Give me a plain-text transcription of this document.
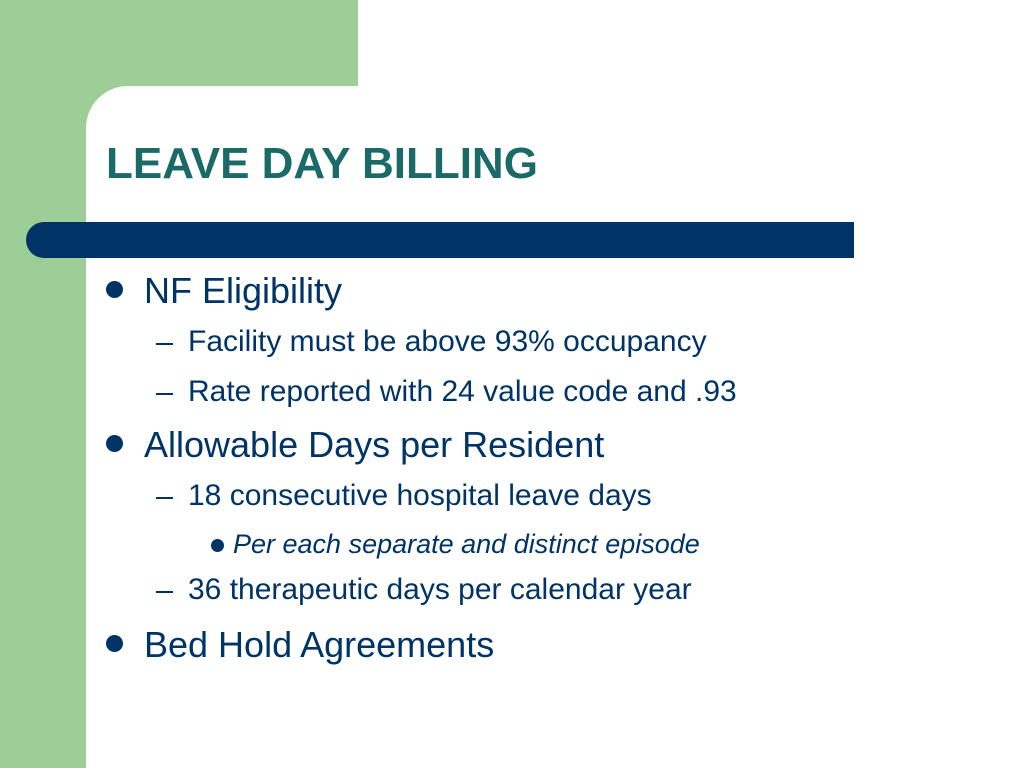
LEAVE DAY BILLING
NF Eligibility
Facility must be above 93% occupancy
Rate reported with 24 value code and .93
Allowable Days per Resident
18 consecutive hospital leave days
Per each separate and distinct episode
36 therapeutic days per calendar year
Bed Hold Agreements
